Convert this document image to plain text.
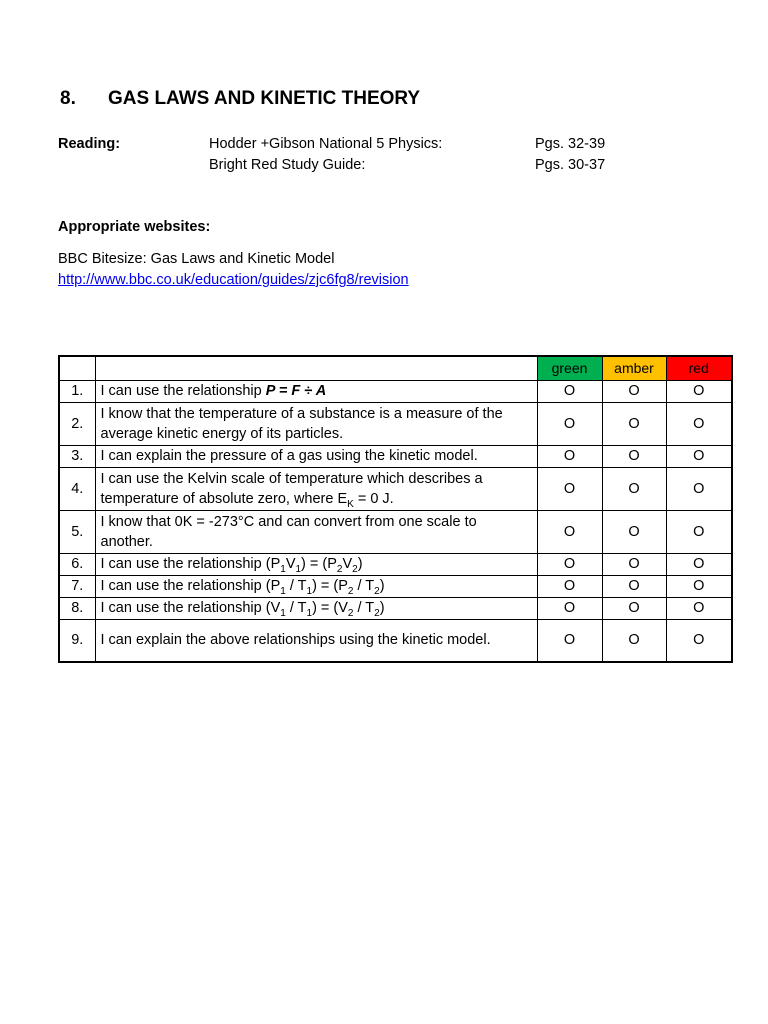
8. GAS LAWS AND KINETIC THEORY
Reading:	Hodder +Gibson National 5 Physics:	Pgs. 32-39
Bright Red Study Guide:	Pgs. 30-37
Appropriate websites:
BBC Bitesize: Gas Laws and Kinetic Model
http://www.bbc.co.uk/education/guides/zjc6fg8/revision
		green	amber	red
1.	I can use the relationship P = F ÷ A	O	O	O
2.	I know that the temperature of a substance is a measure of the average kinetic energy of its particles.	O	O	O
3.	I can explain the pressure of a gas using the kinetic model.	O	O	O
4.	I can use the Kelvin scale of temperature which describes a temperature of absolute zero, where $E_K = 0$ J.	O	O	O
5.	I know that 0K = -273°C and can convert from one scale to another.	O	O	O
6.	I can use the relationship $(P_1V_1) = (P_2V_2)$	O	O	O
7.	I can use the relationship $(P_1 / T_1) = (P_2 / T_2)$	O	O	O
8.	I can use the relationship $(V_1 / T_1) = (V_2 / T_2)$	O	O	O
9.	I can explain the above relationships using the kinetic model.	O	O	O
